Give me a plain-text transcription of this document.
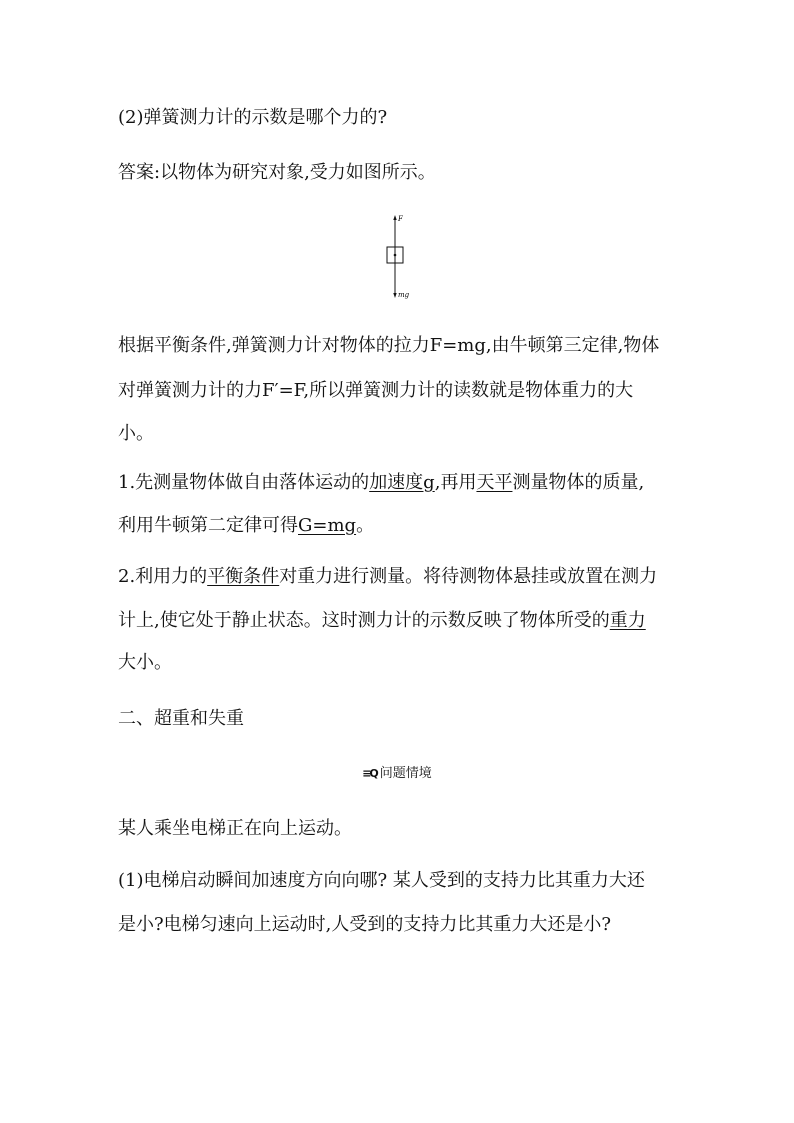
(2)弹簧测力计的示数是哪个力的?
答案:以物体为研究对象,受力如图所示。
F
mg
根据平衡条件,弹簧测力计对物体的拉力F=mg,由牛顿第三定律,物体
对弹簧测力计的力F′=F,所以弹簧测力计的读数就是物体重力的大
小。
1.先测量物体做自由落体运动的加速度g,再用天平测量物体的质量,
利用牛顿第二定律可得G=mg。
2.利用力的平衡条件对重力进行测量。将待测物体悬挂或放置在测力
计上,使它处于静止状态。这时测力计的示数反映了物体所受的重力
大小。
二、超重和失重
≡Q 问题情境
某人乘坐电梯正在向上运动。
(1)电梯启动瞬间加速度方向向哪? 某人受到的支持力比其重力大还
是小?电梯匀速向上运动时,人受到的支持力比其重力大还是小?
